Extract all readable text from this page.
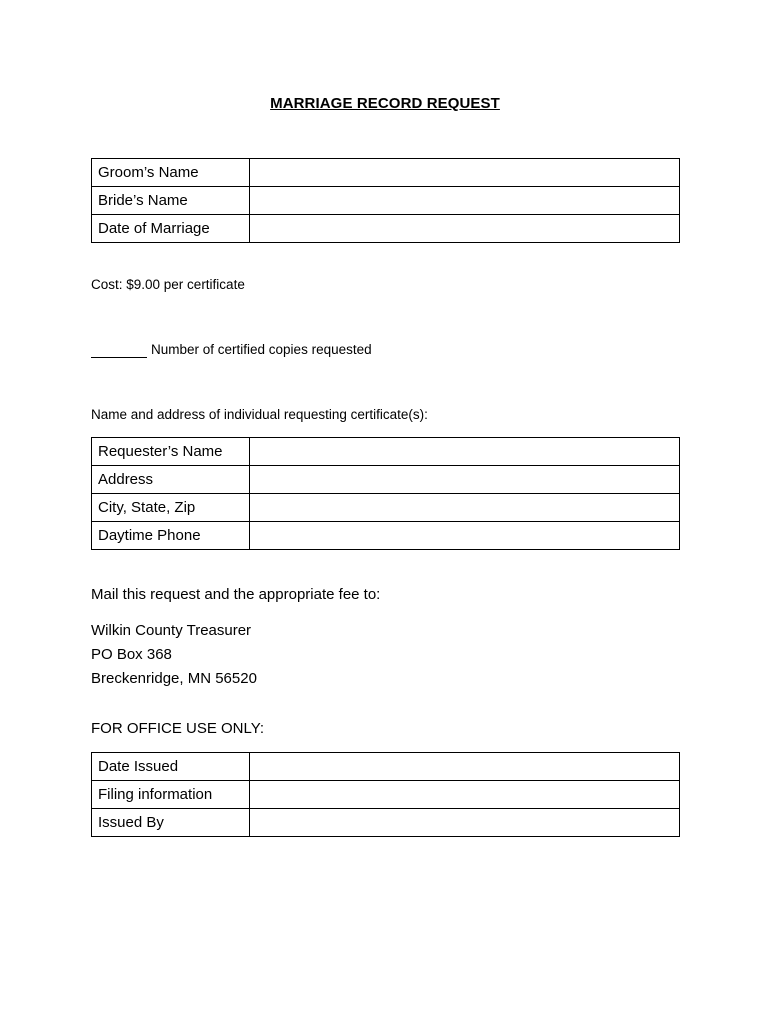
MARRIAGE RECORD REQUEST
Groom’s Name	
Bride’s Name	
Date of Marriage	
Cost: $9.00 per certificate
Number of certified copies requested
Name and address of individual requesting certificate(s):
Requester’s Name	
Address	
City, State, Zip	
Daytime Phone	
Mail this request and the appropriate fee to:
Wilkin County Treasurer
PO Box 368
Breckenridge, MN 56520
FOR OFFICE USE ONLY:
Date Issued	
Filing information	
Issued By	
